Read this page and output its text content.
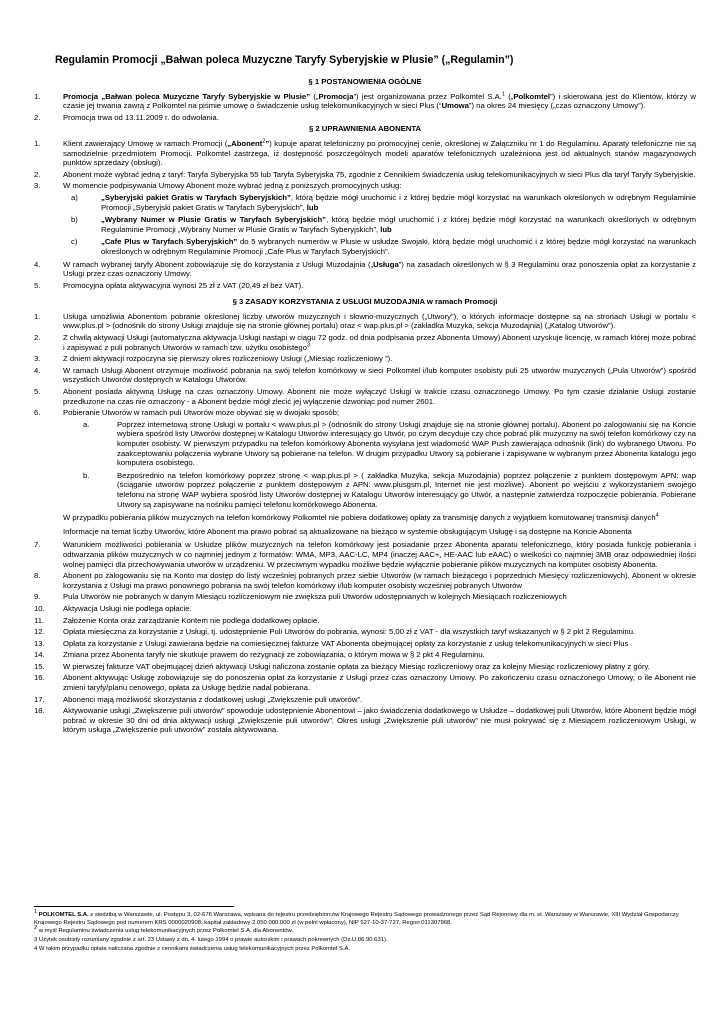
Regulamin Promocji „Bałwan poleca Muzyczne Taryfy Syberyjskie w Plusie” („Regulamin”)
§ 1 POSTANOWIENIA OGÓLNE
1.	Promocja „Bałwan poleca Muzyczne Taryfy Syberyjskie w Plusie” („Promocja”) jest organizowana przez Polkomtel S.A.$^1$ („Polkomtel”) i skierowana jest do Klientów, którzy w czasie jej trwania zawrą z Polkomtel na piśmie umowę o świadczenie usług telekomunikacyjnych w sieci Plus (“Umowa”) na okres 24 miesięcy („czas oznaczony Umowy”).
2.	Promocja trwa od 13.11.2009 r. do odwołania.
§ 2 UPRAWNIENIA ABONENTA
1.	Klient zawierający Umowę w ramach Promocji („Abonent$^2$”) kupuje aparat telefoniczny po promocyjnej cenie, określonej w Załączniku nr 1 do Regulaminu. Aparaty telefoniczne nie są samodzielnie przedmiotem Promocji. Polkomtel zastrzega, iż dostępność poszczególnych modeli aparatów telefonicznych uzależniona jest od aktualnych stanów magazynowych punktów sprzedaży (obsługi).
2.	Abonent może wybrać jedną z taryf: Taryfa Syberyjska 55 lub Taryfa Syberyjska 75, zgodnie z Cennikiem świadczenia usług telekomunikacyjnych w sieci Plus dla taryf Taryfy Syberyjskie.
3.	W momencie podpisywania Umowy Abonent może wybrać jedną z poniższych promocyjnych usług:
a)	„Syberyjski pakiet Gratis w Taryfach Syberyjskich”, którą będzie mógł uruchomić i z której będzie mógł korzystać na warunkach określonych w odrębnym Regulaminie Promocji „Syberyjski pakiet Gratis w Taryfach Syberyjskich”, lub
b)	„Wybrany Numer w Plusie Gratis w Taryfach Syberyjskich”, którą będzie mógł uruchomić i z której będzie mógł korzystać na warunkach określonych w odrębnym Regulaminie Promocji „Wybrany Numer w Plusie Gratis w Taryfach Syberyjskich”, lub
c)	„Cafe Plus w Taryfach Syberyjskich” do 5 wybranych numerów w Plusie w usłudze Swojaki, którą będzie mógł uruchomić i z której będzie mógł korzystać na warunkach określonych w odrębnym Regulaminie Promocji „Cafe Plus w Taryfach Syberyjskich”.
4.	W ramach wybranej taryfy Abonent zobowiązuje się do korzystania z Usługi Muzodajnia („Usługa”) na zasadach określonych w § 3 Regulaminu oraz ponoszenia opłat za korzystanie z Usługi przez czas oznaczony Umowy.
5.	Promocyjna opłata aktywacyjna wynosi 25 zł z VAT (20,49 zł bez VAT).
§ 3 ZASADY KORZYSTANIA Z USŁUGI MUZODAJNIA w ramach Promocji
1.	Usługa umożliwia Abonentom pobranie określonej liczby utworów muzycznych i słowno-muzycznych („Utwory”), o których informacje dostępne są na stronach Usługi w portalu < www.plus.pl > (odnośnik do strony Usługi znajduje się na stronie głównej portalu) oraz < wap.plus.pl > (zakładka Muzyka, sekcja Muzodajnia) („Katalog Utworów”).
2.	Z chwilą aktywacji Usługi (automatyczna aktywacja Usługi nastąpi w ciągu 72 godz. od dnia podpisania przez Abonenta Umowy) Abonent uzyskuje licencję, w ramach której może pobrać i zapisywać z puli pobranych Utworów w ramach tzw. użytku osobistego$^3$
3.	Z dniem aktywacji rozpoczyna się pierwszy okres rozliczeniowy Usługi („Miesiąc rozliczeniowy ”).
4.	W ramach Usługi Abonent otrzymuje możliwość pobrania na swój telefon komórkowy w sieci Polkomtel i/lub komputer osobisty puli 25 utworów muzycznych („Pula Utworów”) spośród wszystkich Utworów dostępnych w Katalogu Utworów.
5.	Abonent posiada aktywną Usługę na czas oznaczony Umowy. Abonent nie może wyłączyć Usługi w trakcie czasu oznaczonego Umowy. Po tym czasie działanie Usługi zostanie przedłużone na czas nie oznaczony - a Abonent będzie mógł zlecić jej wyłączenie dzwoniąc pod numer 2601.
6.	Pobieranie Utworów w ramach puli Utworów może obywać się w dwojaki sposób;
a.	Poprzez internetową stronę Usługi w portalu < www.plus.pl > (odnośnik do strony Usługi znajduje się na stronie głównej portalu). Abonent po zalogowaniu się na Koncie wybiera spośród listy Utworów dostępnej w Katalogu Utworów interesujący go Utwór, po czym decyduje czy chce pobrać plik muzyczny na swój telefon komórkowy czy na komputer osobisty. W pierwszym przypadku na telefon komórkowy Abonenta wysyłana jest wiadomość WAP Push zawierająca odnośnik (link) do wybranego Utworu. Po zaakceptowaniu połączenia wybrane Utwory są pobierane na telefon. W drugim przypadku Utwory są pobierane i zapisywane w wybranym przez Abonenta katalogu jego komputera osobistego.
b.	Bezpośrednio na telefon komórkowy poprzez stronę < wap.plus.pl > ( zakładka Muzyka, sekcja Muzodajnia) poprzez połączenie z punktem dostępowym APN: wap (ściąganie utworów poprzez połączenie z punktem dostępowym z APN: www.plusgsm.pl, Internet nie jest możliwe). Abonent po wejściu z wykorzystaniem swojego telefonu na stronę WAP wybiera spośród listy Utworów dostępnej w Katalogu Utworów interesujący go Utwór, a następnie zatwierdza rozpoczęcie pobierania. Pobierane Utwory są zapisywane na nośniku pamięci telefonu komórkowego Abonenta.
W przypadku pobierania plików muzycznych na telefon komórkowy Polkomtel nie pobiera dodatkowej opłaty za transmisję danych z wyjątkiem komutowanej transmisji danych$^4$
Informacje na temat liczby Utworów, które Abonent ma prawo pobrać są aktualizowane na bieżąco w systemie obsługującym Usługę i są dostępne na Koncie Abonenta
7.	Warunkiem możliwości pobierania w Usłudze plików muzycznych na telefon komórkowy jest posiadanie przez Abonenta aparatu telefonicznego, który posiada funkcję pobierania i odtwarzania plików muzycznych w co najmniej jednym z formatów: WMA, MP3, AAC-LC, MP4 (inaczej AAC+, HE-AAC lub eAAC) o wielkości co najmniej 3MB oraz odpowiedniej ilości wolnej pamięci dla przechowywania utworów w urządzeniu. W przeciwnym wypadku możliwe będzie wyłącznie pobieranie plików muzycznych na komputer osobisty Abonenta.
8.	Abonent po zalogowaniu się na Konto ma dostęp do listy wcześniej pobranych przez siebie Utworów (w ramach bieżącego i poprzednich Miesięcy rozliczeniowych). Abonent w okresie korzystania z Usługi ma prawo ponownego pobrania na swój telefon komórkowy i/lub komputer osobisty wcześniej pobranych Utworów
9.	Pula Utworów nie pobranych w danym Miesiącu rozliczeniowym nie zwiększa puli Utworów udostępnianych w kolejnych Miesiącach rozliczeniowych
10. Aktywacja Usługi nie podlega opłacie.
11. Założenie Konta oraz zarządzanie Kontem nie podlega dodatkowej opłacie.
12. Opłata miesięczna za korzystanie z Usługi, tj. udostępnienie Puli Utworów do pobrania, wynosi: 5,00 zł z VAT - dla wszystkich taryf wskazanych w § 2 pkt 2 Regulaminu.
13. Opłata za korzystanie z Usługi zawierana będzie na comiesięcznej fakturze VAT Abonenta obejmującej opłaty za korzystanie z usług telekomunikacyjnych w sieci Plus
14. Zmiana przez Abonenta taryfy nie skutkuje prawem do rezygnacji ze zobowiązania, o którym mowa w § 2 pkt 4 Regulaminu.
15. W pierwszej fakturze VAT obejmującej dzień aktywacji Usługi naliczona zostanie opłata za bieżący Miesiąc rozliczeniowy oraz za kolejny Miesiąc rozliczeniowy płatny z góry.
16. Abonent aktywując Usługę zobowiązuje się do ponoszenia opłat za korzystanie z Usługi przez czas oznaczony Umowy. Po zakończeniu czasu oznaczonego Umowy, o ile Abonent nie zmieni taryfy/planu cenowego, opłata za Usługę będzie nadal pobierana.
17. Abonenci mają możliwość skorzystania z dodatkowej usługi „Zwiększenie puli utworów”.
18. Aktywowanie usługi „Zwiększenie puli utworów” spowoduje udostępnienie Abonentowi – jako świadczenia dodatkowego w Usłudze – dodatkowej puli Utworów, które Abonent będzie mógł pobrać w okresie 30 dni od dnia aktywacji usługi „Zwiększenie puli utworów”. Okres usługi „Zwiększenie puli utworów” nie musi pokrywać się z Miesiącem rozliczeniowym Usługi, w którym usługa „Zwiększenie puli utworów” została aktywowana.
$^1$ POLKOMTEL S.A. z siedzibą w Warszawie, ul. Postępu 3, 02-676 Warszawa, wpisana do rejestru przedsiębiorców Krajowego Rejestru Sądowego prowadzonego przez Sąd Rejonowy dla m. st. Warszawy w Warszawie, XIII Wydział Gospodarczy Krajowego Rejestru Sądowego pod numerem KRS 0000020908, kapitał zakładowy 2.050.000.000 zł (w pełni wpłacony), NIP 527-10-37-727, Regon 011307968.
$^2$ w myśl Regulaminu świadczenia usług telekomunikacyjnych przez Polkomtel S.A. dla Abonentów.
3 Użytek osobisty rozumiany zgodnie z art. 23 Ustawy z dn. 4. lutego 1994 o prawie autorskim i prawach pokrewnych (Dz.U.06.90.631).
4 W takim przypadku opłata naliczana zgodnie z cennikami świadczenia usług telekomunikacyjnych przez Polkomtel S.A.
